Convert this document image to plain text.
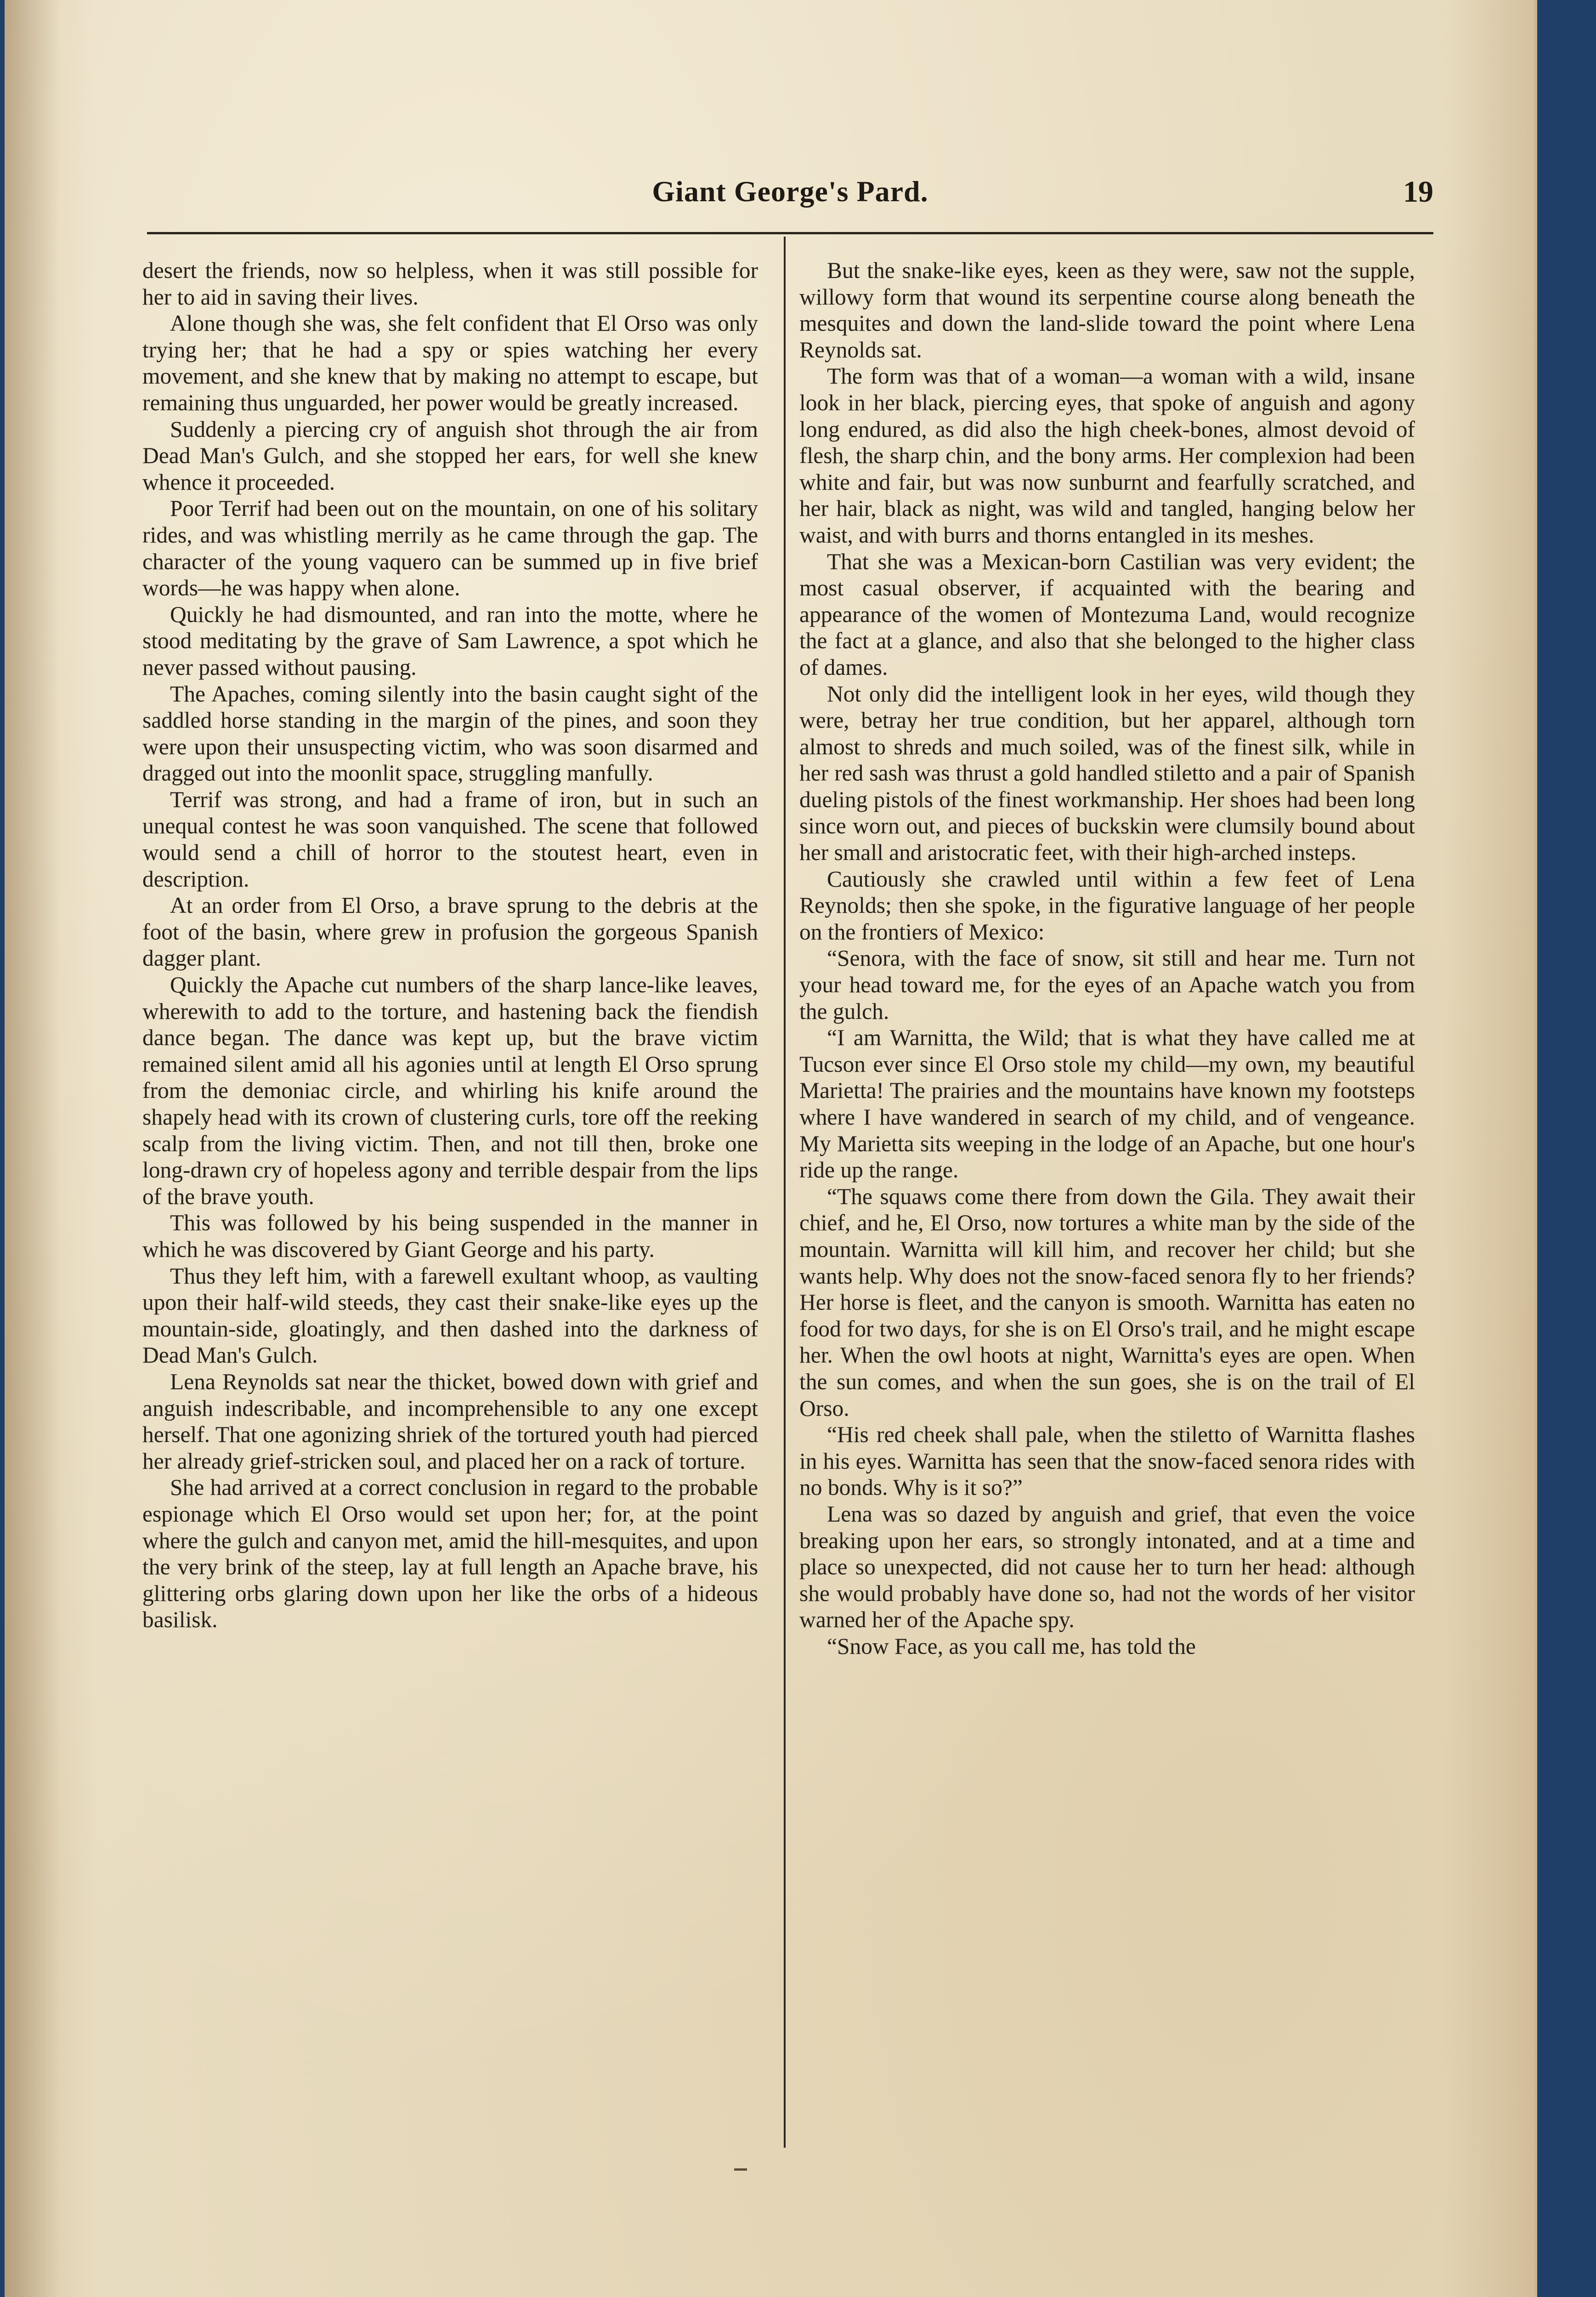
Giant George's Pard.	19

desert the friends, now so helpless, when it was still possible for her to aid in saving their lives.

Alone though she was, she felt confident that El Orso was only trying her; that he had a spy or spies watching her every movement, and she knew that by making no attempt to escape, but remaining thus unguarded, her power would be greatly increased.

Suddenly a piercing cry of anguish shot through the air from Dead Man's Gulch, and she stopped her ears, for well she knew whence it proceeded.

Poor Terrif had been out on the mountain, on one of his solitary rides, and was whistling merrily as he came through the gap. The character of the young vaquero can be summed up in five brief words—he was happy when alone.

Quickly he had dismounted, and ran into the motte, where he stood meditating by the grave of Sam Lawrence, a spot which he never passed without pausing.

The Apaches, coming silently into the basin caught sight of the saddled horse standing in the margin of the pines, and soon they were upon their unsuspecting victim, who was soon disarmed and dragged out into the moonlit space, struggling manfully.

Terrif was strong, and had a frame of iron, but in such an unequal contest he was soon vanquished. The scene that followed would send a chill of horror to the stoutest heart, even in description.

At an order from El Orso, a brave sprung to the debris at the foot of the basin, where grew in profusion the gorgeous Spanish dagger plant.

Quickly the Apache cut numbers of the sharp lance-like leaves, wherewith to add to the torture, and hastening back the fiendish dance began. The dance was kept up, but the brave victim remained silent amid all his agonies until at length El Orso sprung from the demoniac circle, and whirling his knife around the shapely head with its crown of clustering curls, tore off the reeking scalp from the living victim. Then, and not till then, broke one long-drawn cry of hopeless agony and terrible despair from the lips of the brave youth.

This was followed by his being suspended in the manner in which he was discovered by Giant George and his party.

Thus they left him, with a farewell exultant whoop, as vaulting upon their half-wild steeds, they cast their snake-like eyes up the mountain-side, gloatingly, and then dashed into the darkness of Dead Man's Gulch.

Lena Reynolds sat near the thicket, bowed down with grief and anguish indescribable, and incomprehensible to any one except herself. That one agonizing shriek of the tortured youth had pierced her already grief-stricken soul, and placed her on a rack of torture.

She had arrived at a correct conclusion in regard to the probable espionage which El Orso would set upon her; for, at the point where the gulch and canyon met, amid the hill-mesquites, and upon the very brink of the steep, lay at full length an Apache brave, his glittering orbs glaring down upon her like the orbs of a hideous basilisk.

But the snake-like eyes, keen as they were, saw not the supple, willowy form that wound its serpentine course along beneath the mesquites and down the land-slide toward the point where Lena Reynolds sat.

The form was that of a woman—a woman with a wild, insane look in her black, piercing eyes, that spoke of anguish and agony long endured, as did also the high cheek-bones, almost devoid of flesh, the sharp chin, and the bony arms. Her complexion had been white and fair, but was now sunburnt and fearfully scratched, and her hair, black as night, was wild and tangled, hanging below her waist, and with burrs and thorns entangled in its meshes.

That she was a Mexican-born Castilian was very evident; the most casual observer, if acquainted with the bearing and appearance of the women of Montezuma Land, would recognize the fact at a glance, and also that she belonged to the higher class of dames.

Not only did the intelligent look in her eyes, wild though they were, betray her true condition, but her apparel, although torn almost to shreds and much soiled, was of the finest silk, while in her red sash was thrust a gold handled stiletto and a pair of Spanish dueling pistols of the finest workmanship. Her shoes had been long since worn out, and pieces of buckskin were clumsily bound about her small and aristocratic feet, with their high-arched insteps.

Cautiously she crawled until within a few feet of Lena Reynolds; then she spoke, in the figurative language of her people on the frontiers of Mexico:

“Senora, with the face of snow, sit still and hear me. Turn not your head toward me, for the eyes of an Apache watch you from the gulch.

“I am Warnitta, the Wild; that is what they have called me at Tucson ever since El Orso stole my child—my own, my beautiful Marietta! The prairies and the mountains have known my footsteps where I have wandered in search of my child, and of vengeance. My Marietta sits weeping in the lodge of an Apache, but one hour's ride up the range.

“The squaws come there from down the Gila. They await their chief, and he, El Orso, now tortures a white man by the side of the mountain. Warnitta will kill him, and recover her child; but she wants help. Why does not the snow-faced senora fly to her friends? Her horse is fleet, and the canyon is smooth. Warnitta has eaten no food for two days, for she is on El Orso's trail, and he might escape her. When the owl hoots at night, Warnitta's eyes are open. When the sun comes, and when the sun goes, she is on the trail of El Orso.

“His red cheek shall pale, when the stiletto of Warnitta flashes in his eyes. Warnitta has seen that the snow-faced senora rides with no bonds. Why is it so?”

Lena was so dazed by anguish and grief, that even the voice breaking upon her ears, so strongly intonated, and at a time and place so unexpected, did not cause her to turn her head: although she would probably have done so, had not the words of her visitor warned her of the Apache spy.

“Snow Face, as you call me, has told the
